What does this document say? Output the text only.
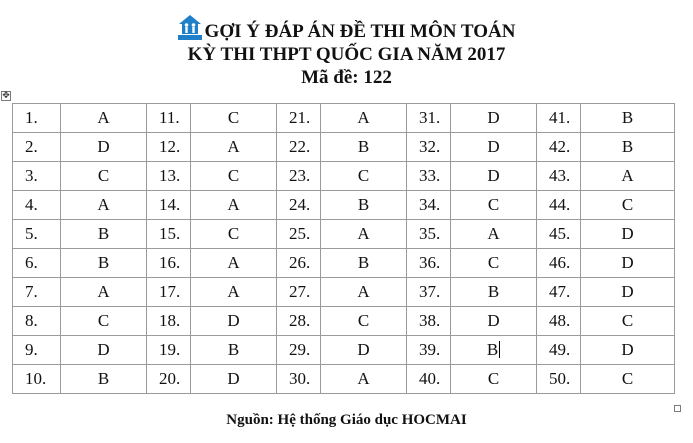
GỢI Ý ĐÁP ÁN ĐỀ THI MÔN TOÁN
KỲ THI THPT QUỐC GIA NĂM 2017
Mã đề: 122
✥
1.	A	11.	C	21.	A	31.	D	41.	B
2.	D	12.	A	22.	B	32.	D	42.	B
3.	C	13.	C	23.	C	33.	D	43.	A
4.	A	14.	A	24.	B	34.	C	44.	C
5.	B	15.	C	25.	A	35.	A	45.	D
6.	B	16.	A	26.	B	36.	C	46.	D
7.	A	17.	A	27.	A	37.	B	47.	D
8.	C	18.	D	28.	C	38.	D	48.	C
9.	D	19.	B	29.	D	39.	B	49.	D
10.	B	20.	D	30.	A	40.	C	50.	C
Nguồn: Hệ thống Giáo dục HOCMAI
